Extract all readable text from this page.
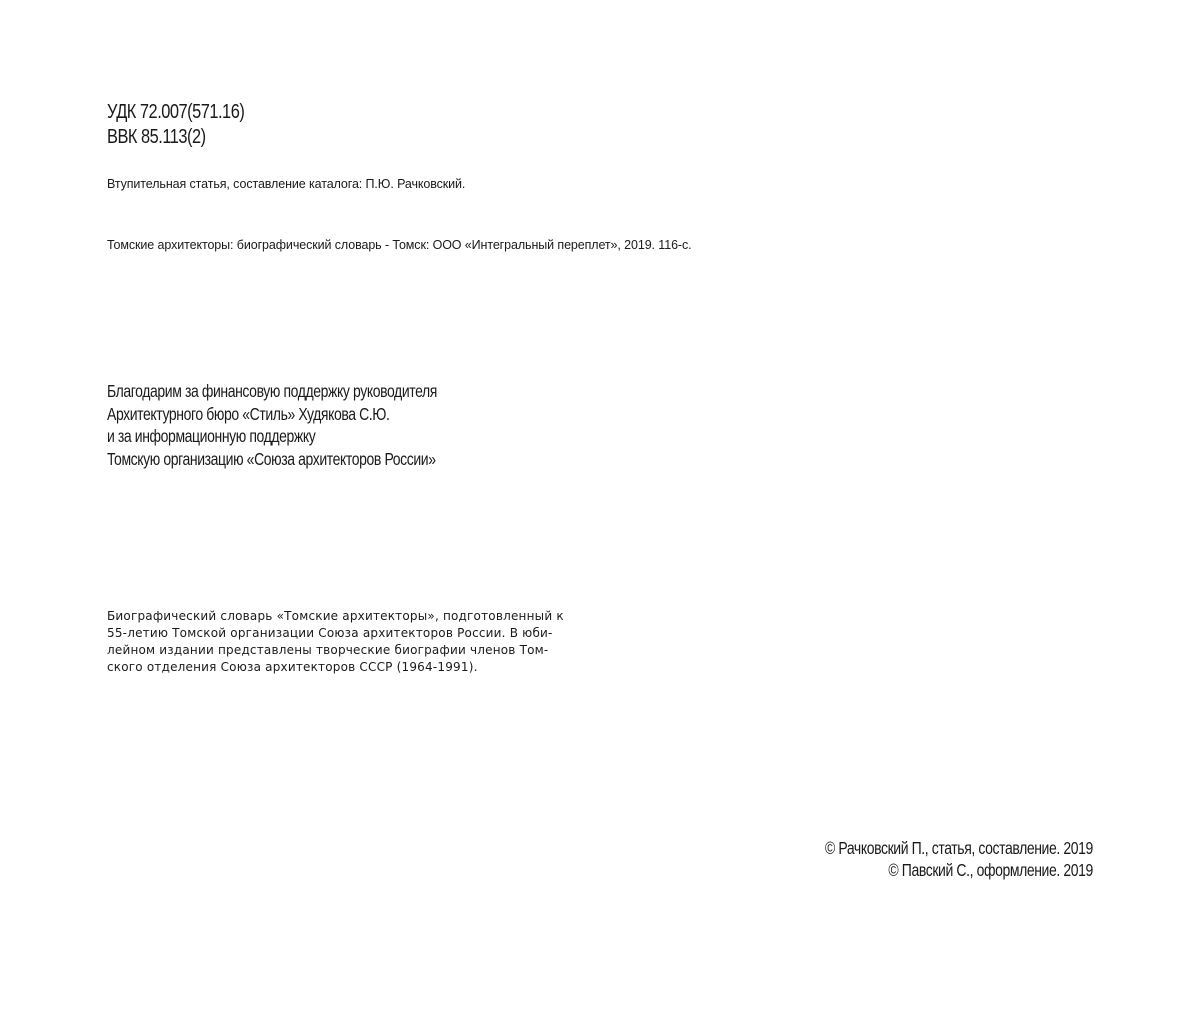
УДК 72.007(571.16)
ВВК 85.113(2)
Втупительная статья, составление каталога: П.Ю. Рачковский.
Томские архитекторы: биографический словарь - Томск: ООО «Интегральный переплет», 2019. 116-с.
Благодарим за финансовую поддержку руководителя
Архитектурного бюро «Стиль» Худякова С.Ю.
и за информационную поддержку
Томскую организацию «Союза архитекторов России»
Биографический словарь «Томские архитекторы», подготовленный к
55-летию Томской организации Союза архитекторов России. В юби-
лейном издании представлены творческие биографии членов Том-
ского отделения Союза архитекторов СССР (1964-1991).
© Рачковский П., статья, составление. 2019
© Павский С., оформление. 2019
